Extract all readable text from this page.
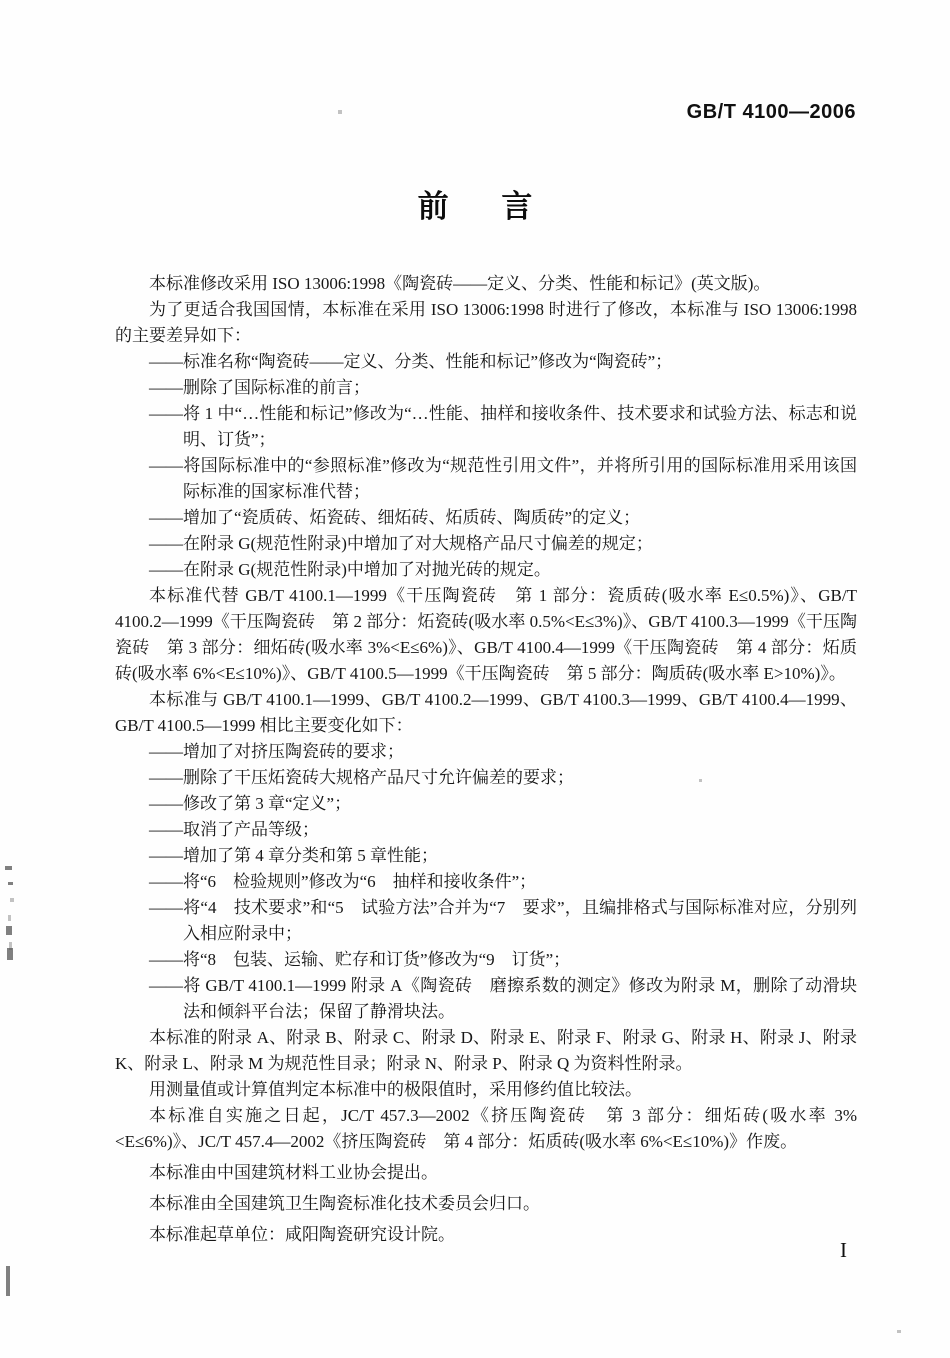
GB/T 4100—2006
前　言
本标准修改采用 ISO 13006:1998《陶瓷砖——定义、分类、性能和标记》(英文版)。
为了更适合我国国情，本标准在采用 ISO 13006:1998 时进行了修改，本标准与 ISO 13006:1998 的主要差异如下：
——标准名称“陶瓷砖——定义、分类、性能和标记”修改为“陶瓷砖”；
——删除了国际标准的前言；
——将 1 中“…性能和标记”修改为“…性能、抽样和接收条件、技术要求和试验方法、标志和说明、订货”；
——将国际标准中的“参照标准”修改为“规范性引用文件”，并将所引用的国际标准用采用该国际标准的国家标准代替；
——增加了“瓷质砖、炻瓷砖、细炻砖、炻质砖、陶质砖”的定义；
——在附录 G(规范性附录)中增加了对大规格产品尺寸偏差的规定；
——在附录 G(规范性附录)中增加了对抛光砖的规定。
本标准代替 GB/T 4100.1—1999《干压陶瓷砖　第 1 部分：瓷质砖(吸水率 E≤0.5%)》、GB/T 4100.2—1999《干压陶瓷砖　第 2 部分：炻瓷砖(吸水率 0.5%<E≤3%)》、GB/T 4100.3—1999《干压陶瓷砖　第 3 部分：细炻砖(吸水率 3%<E≤6%)》、GB/T 4100.4—1999《干压陶瓷砖　第 4 部分：炻质砖(吸水率 6%<E≤10%)》、GB/T 4100.5—1999《干压陶瓷砖　第 5 部分：陶质砖(吸水率 E>10%)》。
本标准与 GB/T 4100.1—1999、GB/T 4100.2—1999、GB/T 4100.3—1999、GB/T 4100.4—1999、GB/T 4100.5—1999 相比主要变化如下：
——增加了对挤压陶瓷砖的要求；
——删除了干压炻瓷砖大规格产品尺寸允许偏差的要求；
——修改了第 3 章“定义”；
——取消了产品等级；
——增加了第 4 章分类和第 5 章性能；
——将“6　检验规则”修改为“6　抽样和接收条件”；
——将“4　技术要求”和“5　试验方法”合并为“7　要求”，且编排格式与国际标准对应，分别列入相应附录中；
——将“8　包装、运输、贮存和订货”修改为“9　订货”；
——将 GB/T 4100.1—1999 附录 A《陶瓷砖　磨擦系数的测定》修改为附录 M，删除了动滑块法和倾斜平台法；保留了静滑块法。
本标准的附录 A、附录 B、附录 C、附录 D、附录 E、附录 F、附录 G、附录 H、附录 J、附录 K、附录 L、附录 M 为规范性目录；附录 N、附录 P、附录 Q 为资料性附录。
用测量值或计算值判定本标准中的极限值时，采用修约值比较法。
本标准自实施之日起，JC/T 457.3—2002《挤压陶瓷砖　第 3 部分：细炻砖(吸水率 3%<E≤6%)》、JC/T 457.4—2002《挤压陶瓷砖　第 4 部分：炻质砖(吸水率 6%<E≤10%)》作废。
本标准由中国建筑材料工业协会提出。
本标准由全国建筑卫生陶瓷标准化技术委员会归口。
本标准起草单位：咸阳陶瓷研究设计院。
I
